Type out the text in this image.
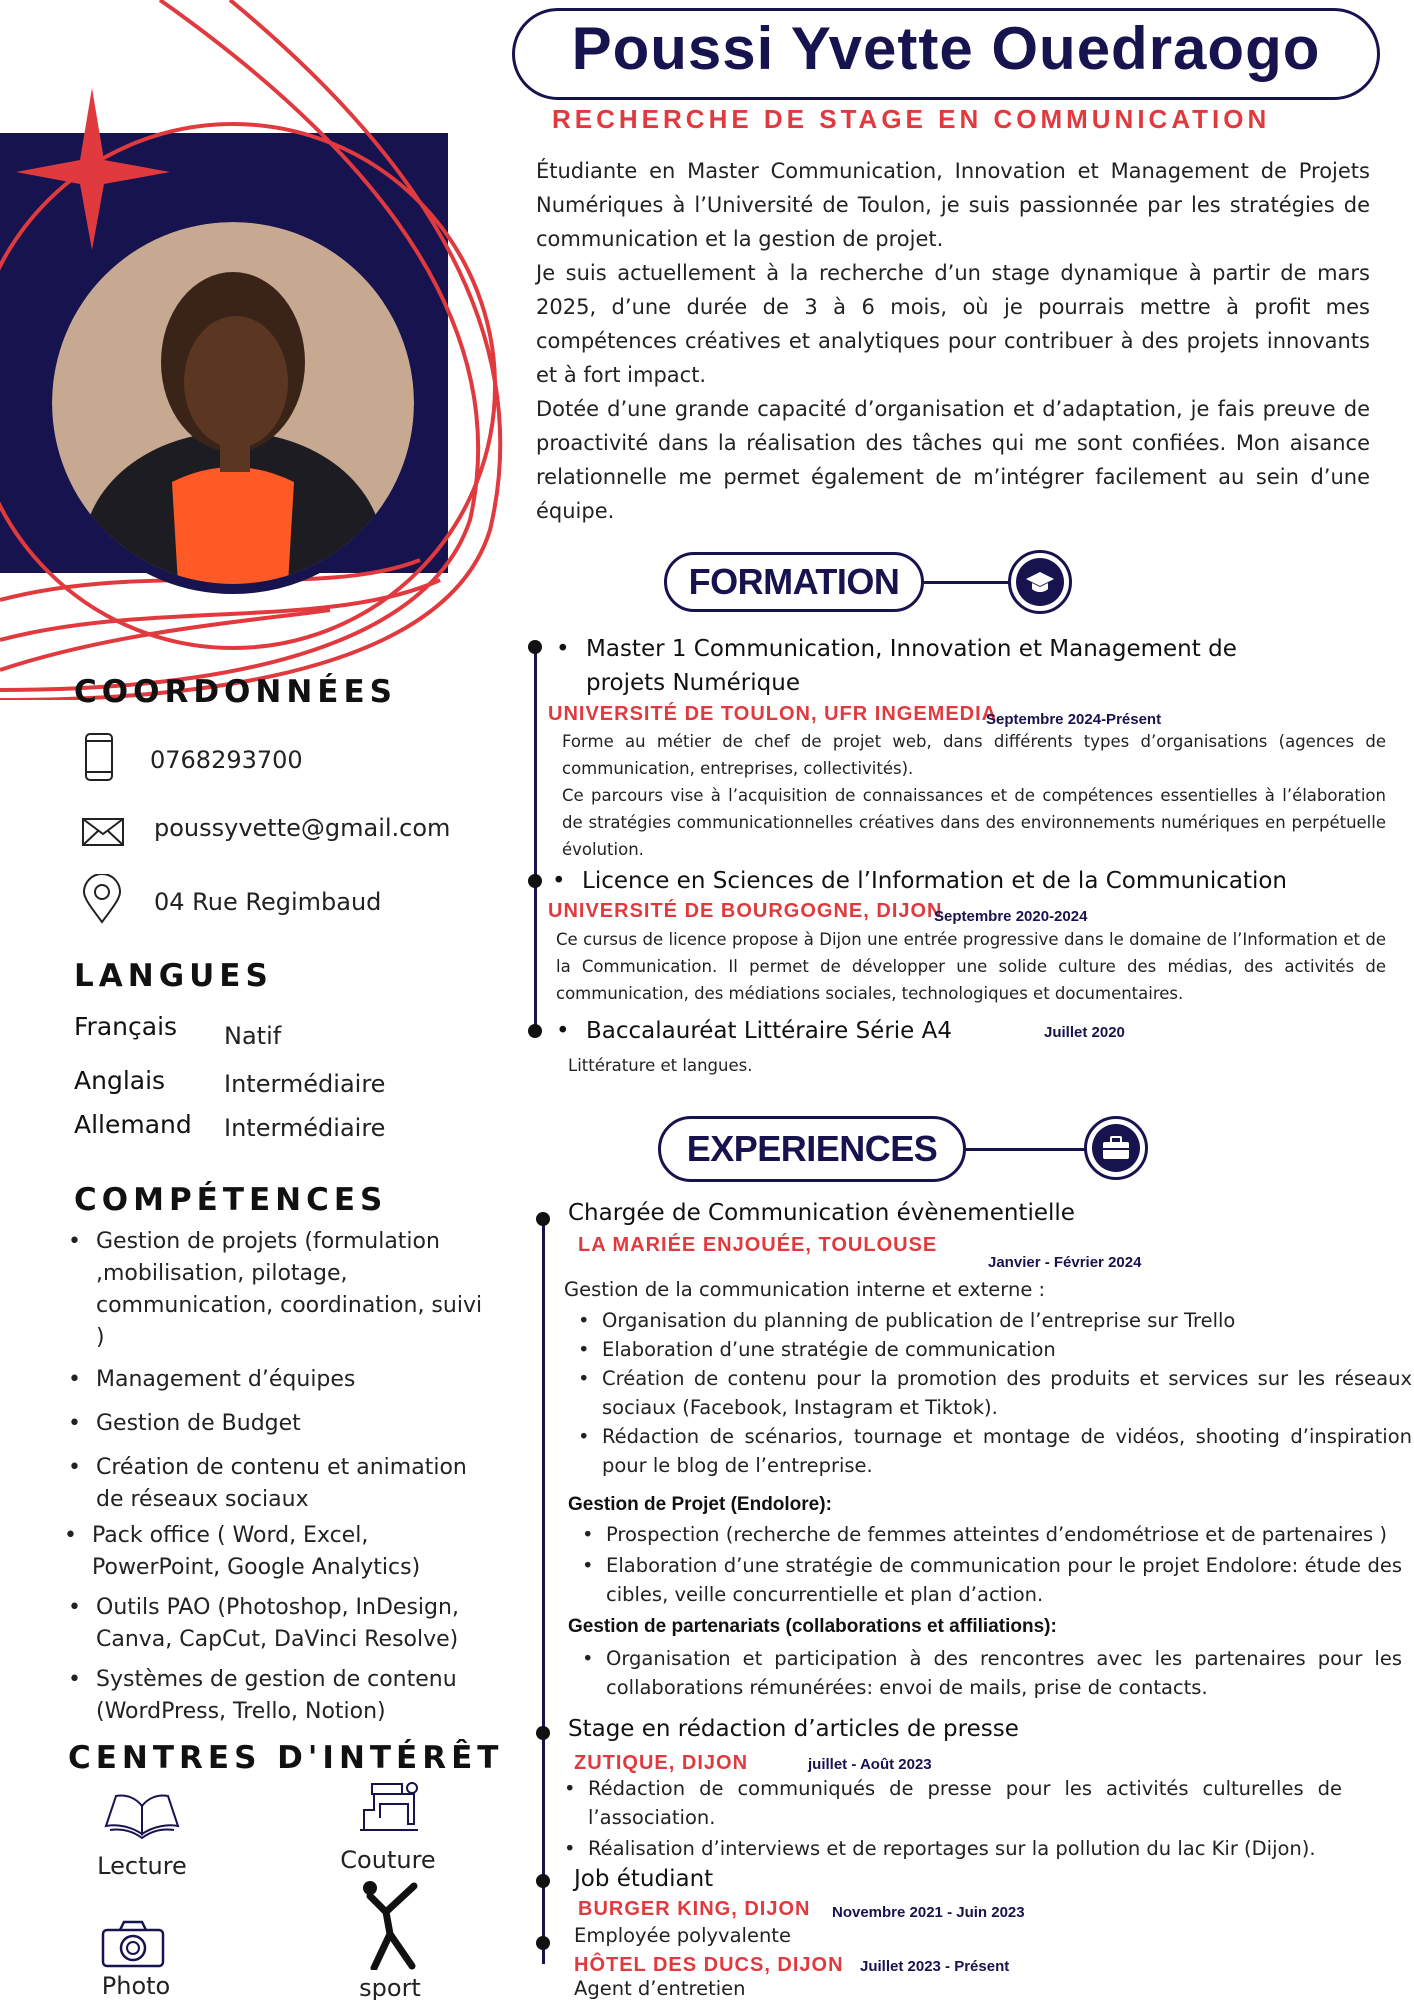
Poussi Yvette Ouedraogo
RECHERCHE DE STAGE EN COMMUNICATION

Étudiante en Master Communication, Innovation et Management de Projets Numériques à l’Université de Toulon, je suis passionnée par les stratégies de communication et la gestion de projet.

Je suis actuellement à la recherche d’un stage dynamique à partir de mars 2025, d’une durée de 3 à 6 mois, où je pourrais mettre à profit mes compétences créatives et analytiques pour contribuer à des projets innovants et à fort impact.

Dotée d’une grande capacité d’organisation et d’adaptation, je fais preuve de proactivité dans la réalisation des tâches qui me sont confiées. Mon aisance relationnelle me permet également de m’intégrer facilement au sein d’une équipe.

COORDONNÉES
0768293700
poussyvette@gmail.com
04 Rue Regimbaud
LANGUES
Français Natif
Anglais Intermédiaire
Allemand Intermédiaire
COMPÉTENCES
• Gestion de projets (formulation ,mobilisation, pilotage, communication, coordination, suivi )
• Management d’équipes
• Gestion de Budget
• Création de contenu et animation de réseaux sociaux
• Pack office ( Word, Excel, PowerPoint, Google Analytics)
• Outils PAO (Photoshop, InDesign, Canva, CapCut, DaVinci Resolve)
• Systèmes de gestion de contenu (WordPress, Trello, Notion)
CENTRES D'INTÉRÊT
Lecture	Couture
Photo	sport
FORMATION
• Master 1 Communication, Innovation et Management de projets Numérique
UNIVERSITÉ DE TOULON, UFR INGEMEDIA
Septembre 2024-Présent

Forme au métier de chef de projet web, dans différents types d’organisations (agences de communication, entreprises, collectivités).

Ce parcours vise à l’acquisition de connaissances et de compétences essentielles à l’élaboration de stratégies communicationnelles créatives dans des environnements numériques en perpétuelle évolution.

• Licence en Sciences de l’Information et de la Communication
UNIVERSITÉ DE BOURGOGNE, DIJON
Septembre 2020-2024

Ce cursus de licence propose à Dijon une entrée progressive dans le domaine de l’Information et de la Communication. Il permet de développer une solide culture des médias, des activités de communication, des médiations sociales, technologiques et documentaires.

• Baccalauréat Littéraire Série A4	Juillet 2020
Littérature et langues.
EXPERIENCES
Chargée de Communication évènementielle
LA MARIÉE ENJOUÉE, TOULOUSE
Janvier - Février 2024
Gestion de la communication interne et externe :
• Organisation du planning de publication de l’entreprise sur Trello
• Elaboration d’une stratégie de communication
• Création de contenu pour la promotion des produits et services sur les réseaux sociaux (Facebook, Instagram et Tiktok).
• Rédaction de scénarios, tournage et montage de vidéos, shooting d’inspiration pour le blog de l’entreprise.
Gestion de Projet (Endolore):
• Prospection (recherche de femmes atteintes d’endométriose et de partenaires )
• Elaboration d’une stratégie de communication pour le projet Endolore: étude des cibles, veille concurrentielle et plan d’action.
Gestion de partenariats (collaborations et affiliations):
• Organisation et participation à des rencontres avec les partenaires pour les collaborations rémunérées: envoi de mails, prise de contacts.
Stage en rédaction d’articles de presse
ZUTIQUE, DIJON	juillet - Août 2023
• Rédaction de communiqués de presse pour les activités culturelles de l’association.
• Réalisation d’interviews et de reportages sur la pollution du lac Kir (Dijon).
Job étudiant
BURGER KING, DIJON Novembre 2021 - Juin 2023
Employée polyvalente
HÔTEL DES DUCS, DIJON Juillet 2023 - Présent
Agent d’entretien
